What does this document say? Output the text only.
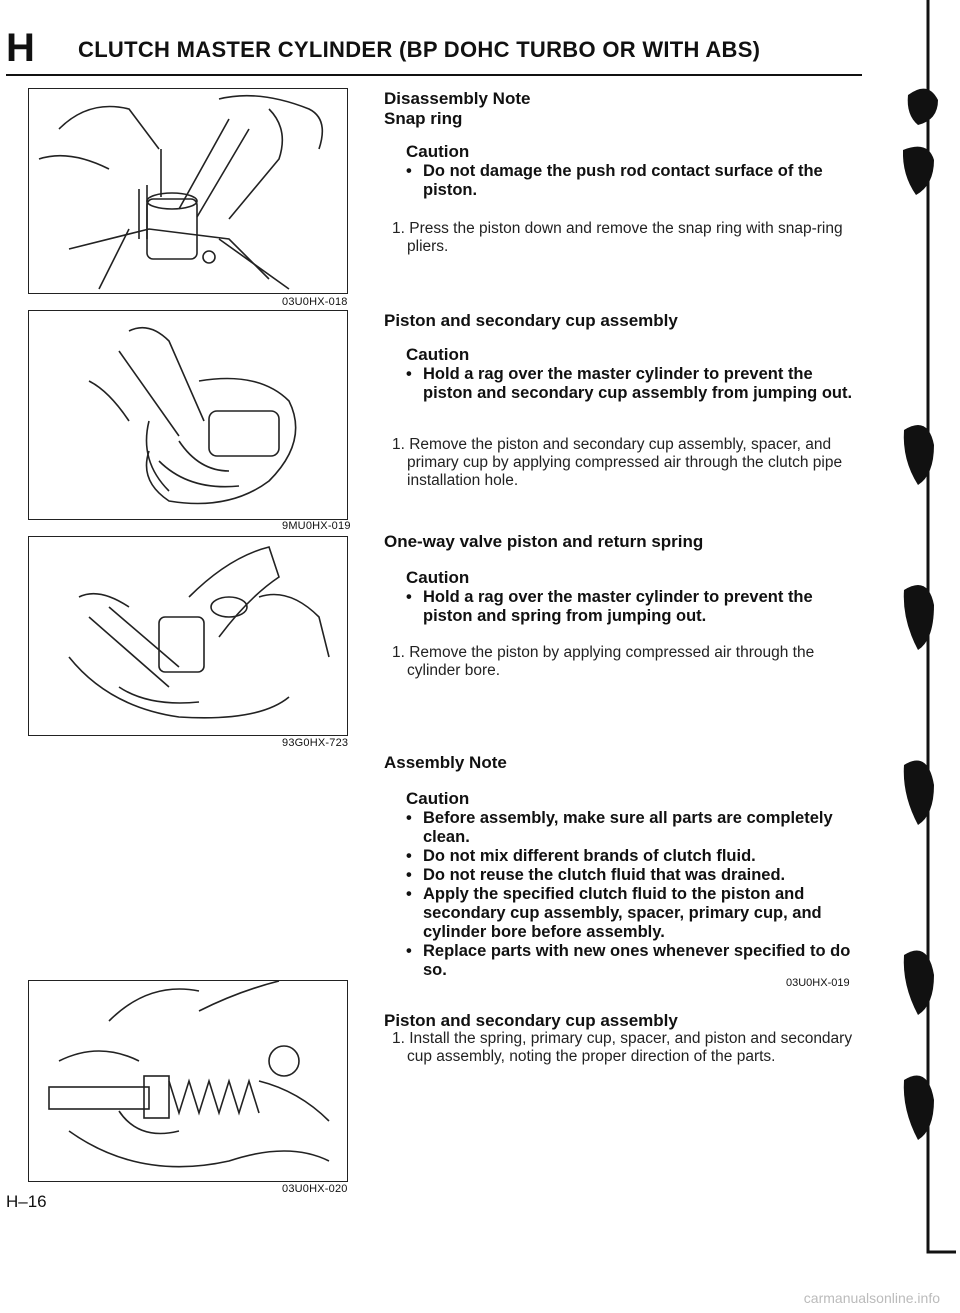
H CLUTCH MASTER CYLINDER (BP DOHC TURBO OR WITH ABS)
03U0HX-018
9MU0HX-019
93G0HX-723
03U0HX-020
Disassembly Note
Snap ring
Caution
• Do not damage the push rod contact surface of the piston.
1. Press the piston down and remove the snap ring with snap-ring pliers.
Piston and secondary cup assembly
Caution
• Hold a rag over the master cylinder to prevent the piston and secondary cup assembly from jumping out.
1. Remove the piston and secondary cup assembly, spacer, and primary cup by applying compressed air through the clutch pipe installation hole.
One-way valve piston and return spring
Caution
• Hold a rag over the master cylinder to prevent the piston and spring from jumping out.
1. Remove the piston by applying compressed air through the cylinder bore.
Assembly Note
Caution
• Before assembly, make sure all parts are completely clean.
• Do not mix different brands of clutch fluid.
• Do not reuse the clutch fluid that was drained.
• Apply the specified clutch fluid to the piston and secondary cup assembly, spacer, primary cup, and cylinder bore before assembly.
• Replace parts with new ones whenever specified to do so.
03U0HX-019
Piston and secondary cup assembly
1. Install the spring, primary cup, spacer, and piston and secondary cup assembly, noting the proper direction of the parts.
H–16
carmanualsonline.info
